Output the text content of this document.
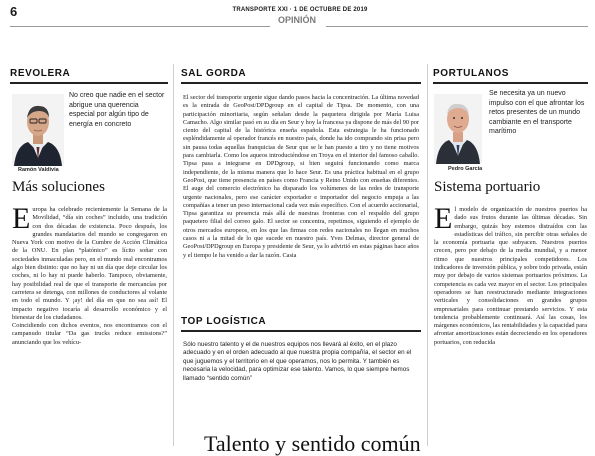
6	TRANSPORTE XXI · 1 DE OCTUBRE DE 2019
OPINIÓN
REVOLERA
No creo que nadie en el sector abrigue una querencia especial por algún tipo de energía en concreto
Ramón Valdivia
Más soluciones
E uropa ha celebrado recientemente la Semana de la Movilidad, “día sin coches” incluido, una tradición con dos décadas de existencia. Poco después, los grandes mandatarios del mundo se congregaron en Nueva York con motivo de la Cumbre de Acción Climática de la ONU. En plan “platónico” es lícito soñar con sociedades inmaculadas pero, en el mundo real encontramos algo bien distinto: que no hay ni un día que deje circular los coches, ni lo hay ni puede haberlo. Tampoco, obviamente, hay posibilidad real de que el transporte de mercancías por carretera se detenga, con millones de conductores al volante en todo el mundo. Y ¡ay! del día en que no sea así! El impacto negativo tocaría al desarrollo económico y el bienestar de los ciudadanos.

Coincidiendo con dichos eventos, nos encontramos con el campanudo titular “Da gas trucks reduce emissions?” anunciando que los vehícu-

SAL GORDA
El sector del transporte urgente sigue dando pasos hacia la concentración. La última novedad es la entrada de GeoPost/DPDgroup en el capital de Tipsa. De momento, con una participación minoritaria, según señalan desde la paquetera dirigida por María Luisa Camacho. Algo similar pasó en su día en Seur y hoy la francesa ya dispone de más del 90 por ciento del capital de la histórica enseña española. Esta estrategia le ha funcionado espléndidamente al operador francés en nuestro país, donde ha ido comprando sin prisa pero sin pausa todas aquellas franquicias de Seur que se le han puesto a tiro y no tiene motivos para cambiarla. Como los aqueos introduciéndose en Troya en el interior del famoso caballo. Tipsa pasa a integrarse en DPDgroup, si bien seguirá funcionando como marca independiente, de la misma manera que lo hace Seur. Es una práctica habitual en el grupo GeoPost, que tiene presencia en países como Francia y Reino Unido con enseñas diferentes. El auge del comercio electrónico ha disparado los volúmenes de las redes de transporte urgente nacionales, pero ese carácter exportador e importador del negocio empuja a las compañías a tener un peso internacional cada vez más específico. Con el acuerdo accionarial, Tipsa garantiza su presencia más allá de nuestras fronteras con el respaldo del grupo paquetero filial del correo galo. El sector se concentra, repetimos, siguiendo el ejemplo de otros mercados europeos, en los que las firmas con redes nacionales no llegan en muchos casos ni a la mitad de lo que sucede en nuestro país. Yves Delmas, director general de GeoPost/DPDgroup en Europa y presidente de Seur, ya lo advirtió en estas páginas hace años y el tiempo le ha venido a dar la razón. Casia
TOP LOGÍSTICA
Sólo nuestro talento y el de nuestros equipos nos llevará al éxito, en el plazo adecuado y en el orden adecuado al que nuestra propia compañía, el sector en el que juguemos y el territorio en el que operamos, nos lo permita. Y también es necesaria la velocidad, para optimizar ese talento. Vamos, lo que siempre hemos llamado “sentido común”
Talento y sentido común
PORTULANOS
Se necesita ya un nuevo impulso con el que afrontar los retos presentes de un mundo cambiante en el transporte marítimo
Pedro García
Sistema portuario
E l modelo de organización de nuestros puertos ha dado sus frutos durante las últimas décadas. Sin embargo, quizás hoy estemos distraídos con las estadísticas del tráfico, sin percibir otras señales de la economía portuaria que subyacen. Nuestros puertos crecen, pero por debajo de la media mundial, y a menor ritmo que nuestros principales competidores. Los indicadores de inversión pública, y sobre todo privada, están muy por debajo de varios sistemas portuarios próximos. La competencia es cada vez mayor en el sector. Los principales operadores se han reestructurado mediante integraciones verticales y consolidaciones en grandes grupos empresariales para continuar prestando servicios. Y esta tendencia probablemente continuará. Así las cosas, los márgenes económicos, las rentabilidades y la capacidad para afrontar amortizaciones están decreciendo en los operadores portuarios, con reducida
